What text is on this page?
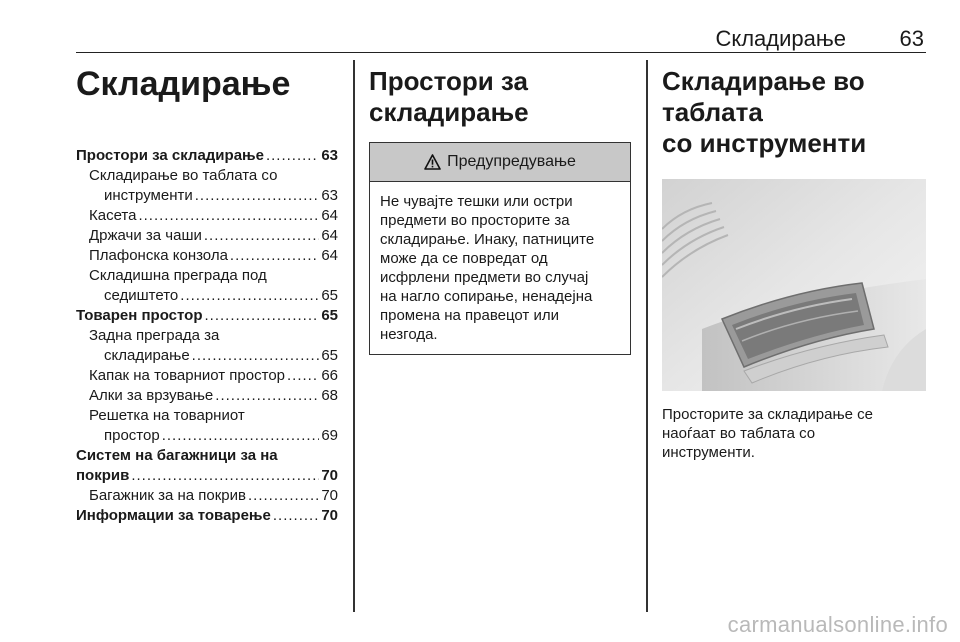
Складирање 63
Складирање
Простори за складирање .....	63
Складирање во таблата со
инструменти .....	63
Касета .....	64
Држачи за чаши .....	64
Плафонска конзола .....	64
Складишна преграда под
седиштето .....	65
Товарен простор .....	65
Задна преграда за
складирање .....	65
Капак на товарниот простор ..... 66
Алки за врзување .....	68
Решетка на товарниот
простор .....	69
Систем на багажници за на
покрив .....	70
Багажник за на покрив .....	70
Информации за товарење .....	70
Простори за
складирање
Предупредување
Не чувајте тешки или остри
предмети во просторите за
складирање. Инаку, патниците
може да се повредат од
исфрлени предмети во случај
на нагло сопирање, ненадејна
промена на правецот или
незгода.
Складирање во таблата
со инструменти
Просторите за складирање се
наоѓаат во таблата со
инструменти.
carmanualsonline.info
